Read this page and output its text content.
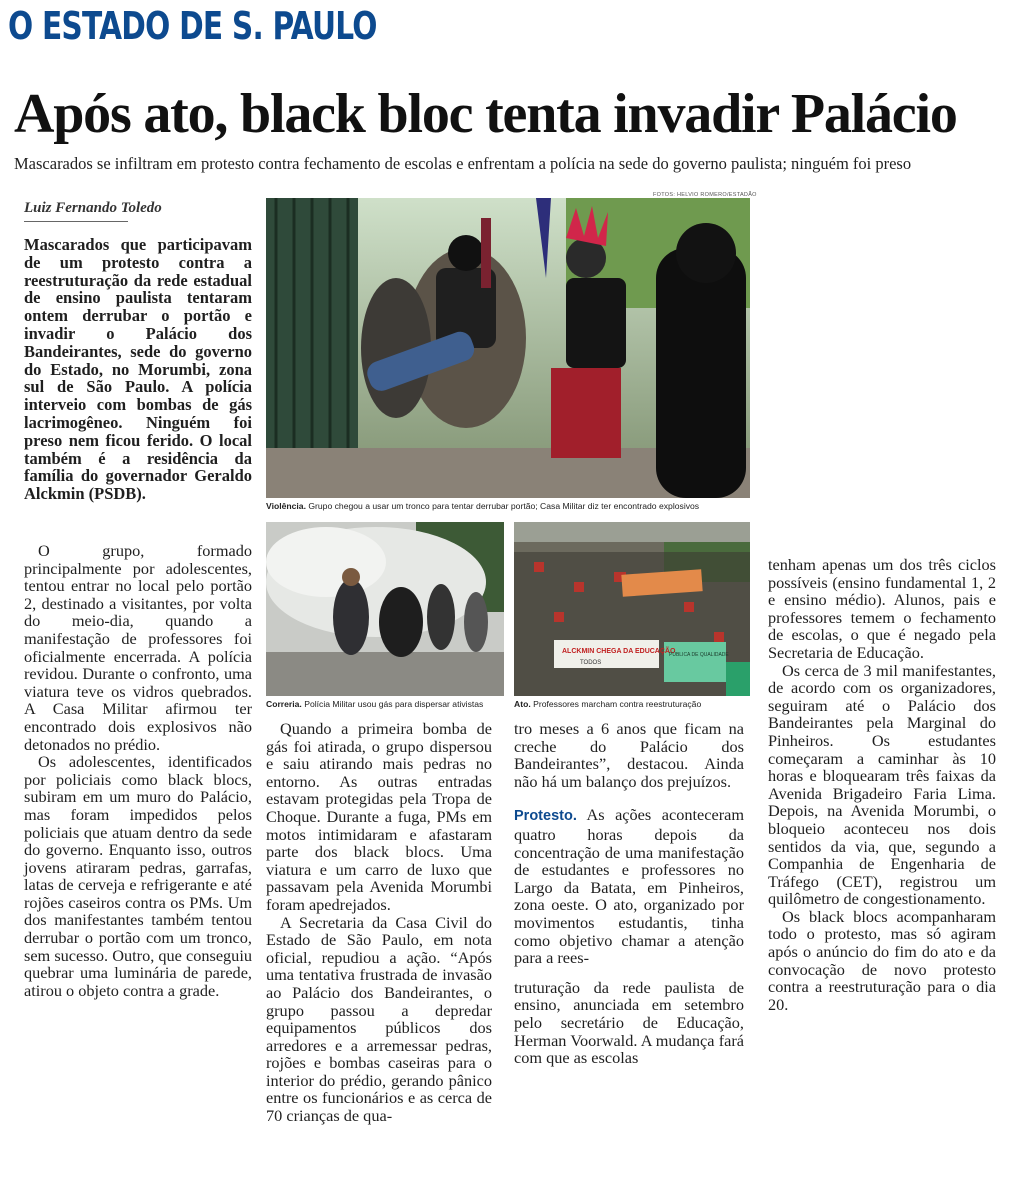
O ESTADO DE S. PAULO
Após ato, black bloc tenta invadir Palácio
Mascarados se infiltram em protesto contra fechamento de escolas e enfrentam a polícia na sede do governo paulista; ninguém foi preso
Luiz Fernando Toledo

Mascarados que participavam de um protesto contra a reestruturação da rede estadual de ensino paulista tentaram ontem derrubar o portão e invadir o Palácio dos Bandeirantes, sede do governo do Estado, no Morumbi, zona sul de São Paulo. A polícia interveio com bombas de gás lacrimogêneo. Ninguém foi preso nem ficou ferido. O local também é a residência da família do governador Geraldo Alckmin (PSDB).

O grupo, formado principalmente por adolescentes, tentou entrar no local pelo portão 2, destinado a visitantes, por volta do meio-dia, quando a manifestação de professores foi oficialmente encerrada. A polícia revidou. Durante o confronto, uma viatura teve os vidros quebrados. A Casa Militar afirmou ter encontrado dois explosivos não detonados no prédio.

Os adolescentes, identificados por policiais como black blocs, subiram em um muro do Palácio, mas foram impedidos pelos policiais que atuam dentro da sede do governo. Enquanto isso, outros jovens atiraram pedras, garrafas, latas de cerveja e refrigerante e até rojões caseiros contra os PMs. Um dos manifestantes também tentou derrubar o portão com um tronco, sem sucesso. Outro, que conseguiu quebrar uma luminária de parede, atirou o objeto contra a grade.

FOTOS: HELVIO ROMERO/ESTADÃO
Violência. Grupo chegou a usar um tronco para tentar derrubar portão; Casa Militar diz ter encontrado explosivos
Correria. Polícia Militar usou gás para dispersar ativistas
ALCKMIN CHEGA DA EDUCAÇÃO
PÚBLICA DE QUALIDADE
TODOS
Ato. Professores marcham contra reestruturação

Quando a primeira bomba de gás foi atirada, o grupo dispersou e saiu atirando mais pedras no entorno. As outras entradas estavam protegidas pela Tropa de Choque. Durante a fuga, PMs em motos intimidaram e afastaram parte dos black blocs. Uma viatura e um carro de luxo que passavam pela Avenida Morumbi foram apedrejados.

A Secretaria da Casa Civil do Estado de São Paulo, em nota oficial, repudiou a ação. “Após uma tentativa frustrada de invasão ao Palácio dos Bandeirantes, o grupo passou a depredar equipamentos públicos dos arredores e a arremessar pedras, rojões e bombas caseiras para o interior do prédio, gerando pânico entre os funcionários e as cerca de 70 crianças de qua-

tro meses a 6 anos que ficam na creche do Palácio dos Bandeirantes”, destacou. Ainda não há um balanço dos prejuízos.

Protesto. As ações aconteceram quatro horas depois da concentração de uma manifestação de estudantes e professores no Largo da Batata, em Pinheiros, zona oeste. O ato, organizado por movimentos estudantis, tinha como objetivo chamar a atenção para a rees-

truturação da rede paulista de ensino, anunciada em setembro pelo secretário de Educação, Herman Voorwald. A mudança fará com que as escolas

tenham apenas um dos três ciclos possíveis (ensino fundamental 1, 2 e ensino médio). Alunos, pais e professores temem o fechamento de escolas, o que é negado pela Secretaria de Educação.

Os cerca de 3 mil manifestantes, de acordo com os organizadores, seguiram até o Palácio dos Bandeirantes pela Marginal do Pinheiros. Os estudantes começaram a caminhar às 10 horas e bloquearam três faixas da Avenida Brigadeiro Faria Lima. Depois, na Avenida Morumbi, o bloqueio aconteceu nos dois sentidos da via, que, segundo a Companhia de Engenharia de Tráfego (CET), registrou um quilômetro de congestionamento.

Os black blocs acompanharam todo o protesto, mas só agiram após o anúncio do fim do ato e da convocação de novo protesto contra a reestruturação para o dia 20.
